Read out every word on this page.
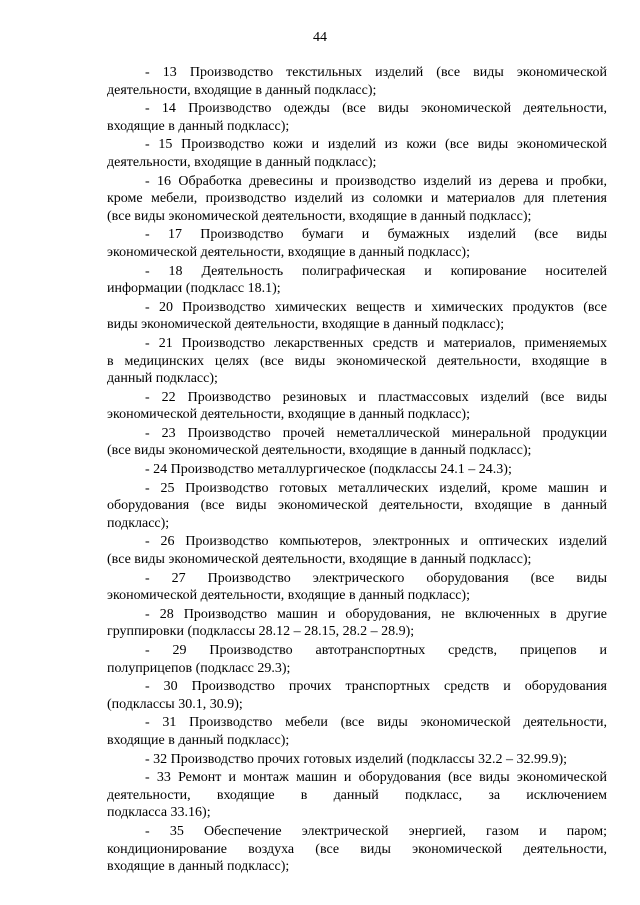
44
- 13 Производство текстильных изделий (все виды экономической
деятельности, входящие в данный подкласс);
- 14 Производство одежды (все виды экономической деятельности,
входящие в данный подкласс);
- 15 Производство кожи и изделий из кожи (все виды экономической
деятельности, входящие в данный подкласс);
- 16 Обработка древесины и производство изделий из дерева и пробки,
кроме мебели, производство изделий из соломки и материалов для плетения
(все виды экономической деятельности, входящие в данный подкласс);
- 17 Производство бумаги и бумажных изделий (все виды
экономической деятельности, входящие в данный подкласс);
- 18 Деятельность полиграфическая и копирование носителей
информации (подкласс 18.1);
- 20 Производство химических веществ и химических продуктов (все
виды экономической деятельности, входящие в данный подкласс);
- 21 Производство лекарственных средств и материалов, применяемых
в медицинских целях (все виды экономической деятельности, входящие в
данный подкласс);
- 22 Производство резиновых и пластмассовых изделий (все виды
экономической деятельности, входящие в данный подкласс);
- 23 Производство прочей неметаллической минеральной продукции
(все виды экономической деятельности, входящие в данный подкласс);
- 24 Производство металлургическое (подклассы 24.1 – 24.3);
- 25 Производство готовых металлических изделий, кроме машин и
оборудования (все виды экономической деятельности, входящие в данный
подкласс);
- 26 Производство компьютеров, электронных и оптических изделий
(все виды экономической деятельности, входящие в данный подкласс);
- 27 Производство электрического оборудования (все виды
экономической деятельности, входящие в данный подкласс);
- 28 Производство машин и оборудования, не включенных в другие
группировки (подклассы 28.12 – 28.15, 28.2 – 28.9);
- 29 Производство автотранспортных средств, прицепов и
полуприцепов (подкласс 29.3);
- 30 Производство прочих транспортных средств и оборудования
(подклассы 30.1, 30.9);
- 31 Производство мебели (все виды экономической деятельности,
входящие в данный подкласс);
- 32 Производство прочих готовых изделий (подклассы 32.2 – 32.99.9);
- 33 Ремонт и монтаж машин и оборудования (все виды экономической
деятельности, входящие в данный подкласс, за исключением
подкласса 33.16);
- 35 Обеспечение электрической энергией, газом и паром;
кондиционирование воздуха (все виды экономической деятельности,
входящие в данный подкласс);
